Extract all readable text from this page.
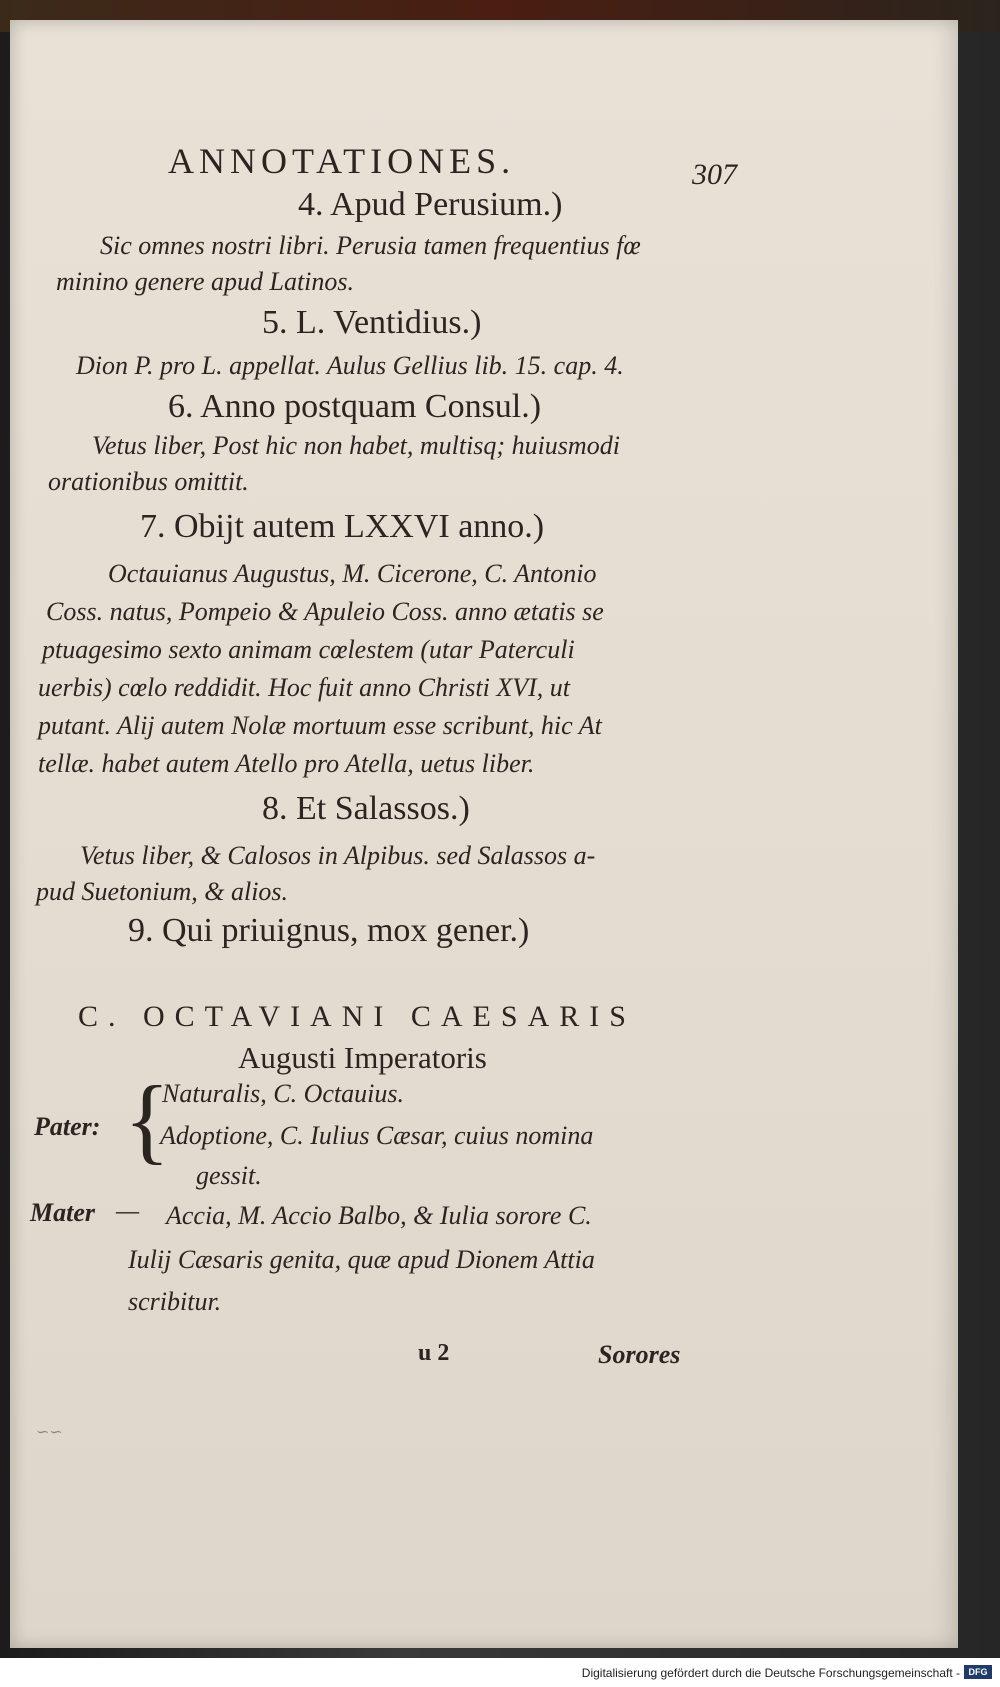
ANNOTATIONES.	307
4. Apud Perusium.)
Sic omnes nostri libri. Perusia tamen frequentius fœ
minino genere apud Latinos.
5. L. Ventidius.)
Dion P. pro L. appellat. Aulus Gellius lib. 15. cap. 4.
6. Anno postquam Consul.)
Vetus liber, Post hic non habet, multisq; huiusmodi
orationibus omittit.
7. Obijt autem LXXVI anno.)
Octauianus Augustus, M. Cicerone, C. Antonio
Coss. natus, Pompeio & Apuleio Coss. anno ætatis se
ptuagesimo sexto animam cœlestem (utar Paterculi
uerbis) cœlo reddidit. Hoc fuit anno Christi XVI, ut
putant. Alij autem Nolæ mortuum esse scribunt, hic At
tellæ. habet autem Atello pro Atella, uetus liber.
8. Et Salassos.)
Vetus liber, & Calosos in Alpibus. sed Salassos a-
pud Suetonium, & alios.
9. Qui priuignus, mox gener.)
C. OCTAVIANI CAESARIS
Augusti Imperatoris
Pater: {
Naturalis, C. Octauius.
Adoptione, C. Iulius Cæsar, cuius nomina
gessit.
Mater — Accia, M. Accio Balbo, & Iulia sorore C.
Iulij Cæsaris genita, quæ apud Dionem Attia
scribitur.
u 2	Sorores
∽∽
Digitalisierung gefördert durch die Deutsche Forschungsgemeinschaft - DFG
